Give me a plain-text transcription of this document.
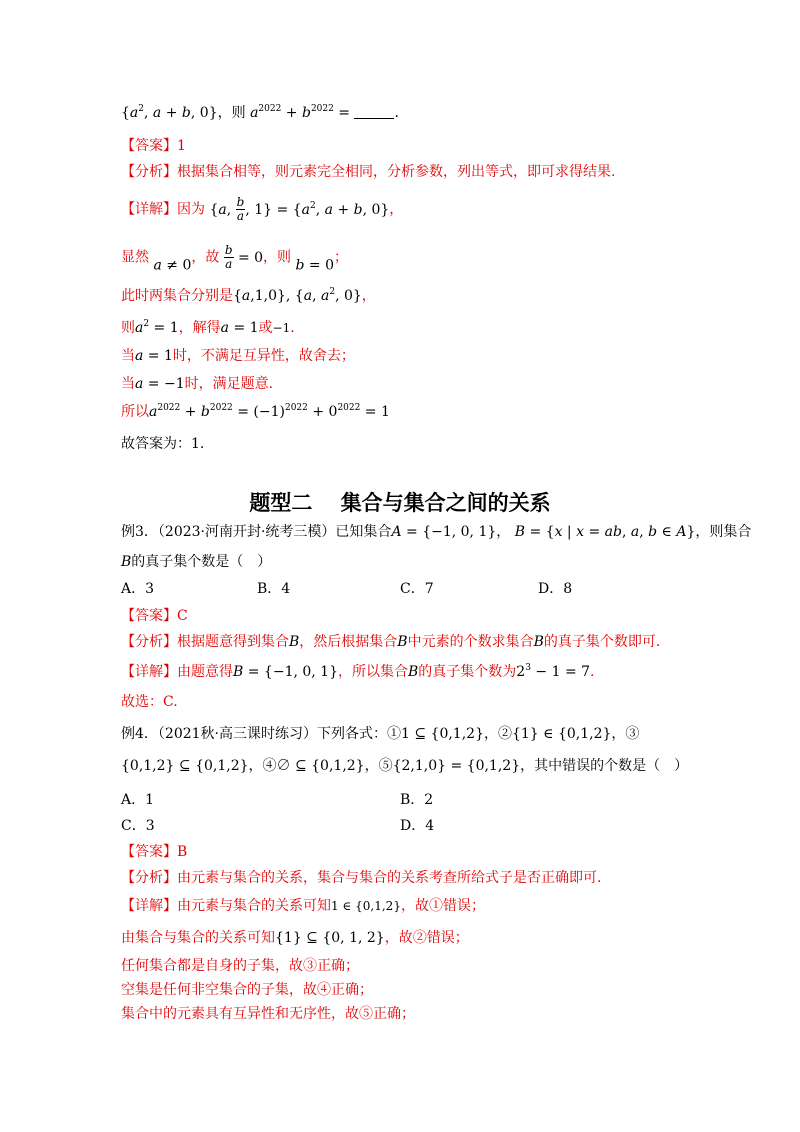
{$a^2$, a + b, 0}，则 $a^{2022} + b^{2022}$ =	.
【答案】1
【分析】根据集合相等，则元素完全相同，分析参数，列出等式，即可求得结果.
【详解】因为 {a, $\frac{b}{a}$ , $1\} = \{a^2$, a + b, 0}，
显然 a ≠ 0，故 $\frac{b}{a} = 0$，则 b = 0；
此时两集合分别是{a,1,0}, {a, $a^2$, 0}，
则$a^2 = 1$，解得a = 1或−1.
当a = 1时，不满足互异性，故舍去；
当a = −1时，满足题意.
所以$a^{2022} + b^{2022} = (-1)^{2022} + 0^{2022} = 1$
故答案为：1.
题型二　 集合与集合之间的关系
例3．（2023·河南开封·统考三模）已知集合A = {−1, 0, 1}， B = {x | x = ab, a, b ∈ A}，则集合
B的真子集个数是（　）
A．3	B．4	C．7	D．8
【答案】C
【分析】根据题意得到集合B，然后根据集合B中元素的个数求集合B的真子集个数即可.
【详解】由题意得B = {−1, 0, 1}，所以集合B的真子集个数为$2^3 - 1 = 7$.
故选：C.
例4．（2021秋·高三课时练习）下列各式：①1 ⊆ {0,1,2}，②{1} ∈ {0,1,2}，③
{0,1,2} ⊆ {0,1,2}，④∅ ⊆ {0,1,2}，⑤{2,1,0} = {0,1,2}，其中错误的个数是（　）
A．1	B．2
C．3	D．4
【答案】B
【分析】由元素与集合的关系，集合与集合的关系考查所给式子是否正确即可.
【详解】由元素与集合的关系可知1 ∈ {0,1,2}，故①错误；
由集合与集合的关系可知{1} ⊆ {0, 1, 2}，故②错误；
任何集合都是自身的子集，故③正确；
空集是任何非空集合的子集，故④正确；
集合中的元素具有互异性和无序性，故⑤正确；
